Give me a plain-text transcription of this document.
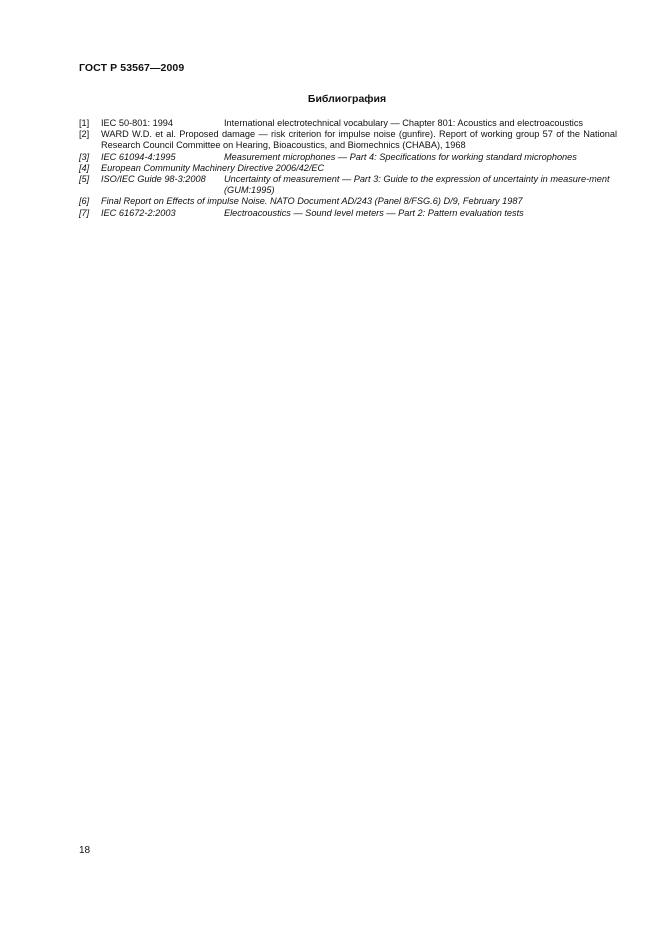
ГОСТ Р 53567—2009
Библиография
[1] IEC 50-801: 1994	International electrotechnical vocabulary — Chapter 801: Acoustics and electroacoustics
[2] WARD W.D. et al. Proposed damage — risk criterion for impulse noise (gunfire). Report of working group 57 of the National Research Council Committee on Hearing, Bioacoustics, and Biomechnics (CHABA), 1968
[3] IEC 61094-4:1995	Measurement microphones — Part 4: Specifications for working standard microphones
[4] European Community Machinery Directive 2006/42/EC
[5] ISO/IEC Guide 98-3:2008 Uncertainty of measurement — Part 3: Guide to the expression of uncertainty in measure-ment (GUM:1995)
[6] Final Report on Effects of impulse Noise. NATO Document AD/243 (Panel 8/FSG.6) D/9, February 1987
[7] IEC 61672-2:2003	Electroacoustics — Sound level meters — Part 2: Pattern evaluation tests
18
